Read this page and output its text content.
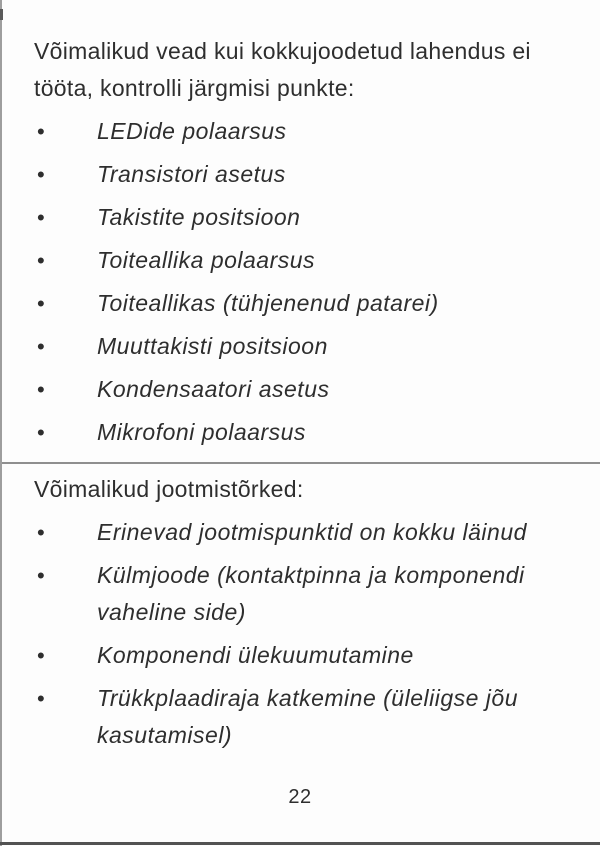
Võimalikud vead kui kokkujoodetud lahendus ei tööta, kontrolli järgmisi punkte:

• LEDide polaarsus
• Transistori asetus
• Takistite positsioon
• Toiteallika polaarsus
• Toiteallikas (tühjenenud patarei)
• Muuttakisti positsioon
• Kondensaatori asetus
• Mikrofoni polaarsus

Võimalikud jootmistõrked:

• Erinevad jootmispunktid on kokku läinud
• Külmjoode (kontaktpinna ja komponendi vaheline side)
• Komponendi ülekuumutamine
• Trükkplaadiraja katkemine (üleliigse jõu kasutamisel)
22
